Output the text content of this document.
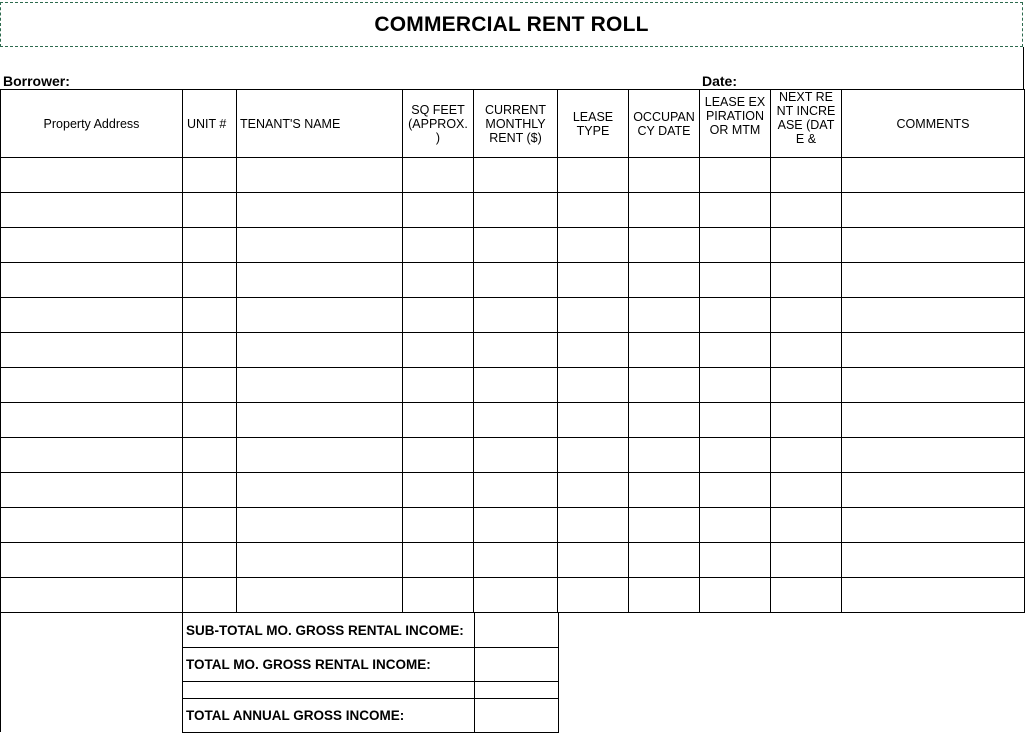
COMMERCIAL RENT ROLL
Borrower:	Date:
Property Address	UNIT #	TENANT'S NAME	SQ FEET (APPROX. )	CURRENT MONTHLY RENT ($)	LEASE TYPE	OCCUPANCY DATE	LEASE EXPIRATION OR MTM	NEXT RENT INCREASE (DATE &	COMMENTS

SUB-TOTAL MO. GROSS RENTAL INCOME:	
TOTAL MO. GROSS RENTAL INCOME:	

TOTAL ANNUAL GROSS INCOME:	
